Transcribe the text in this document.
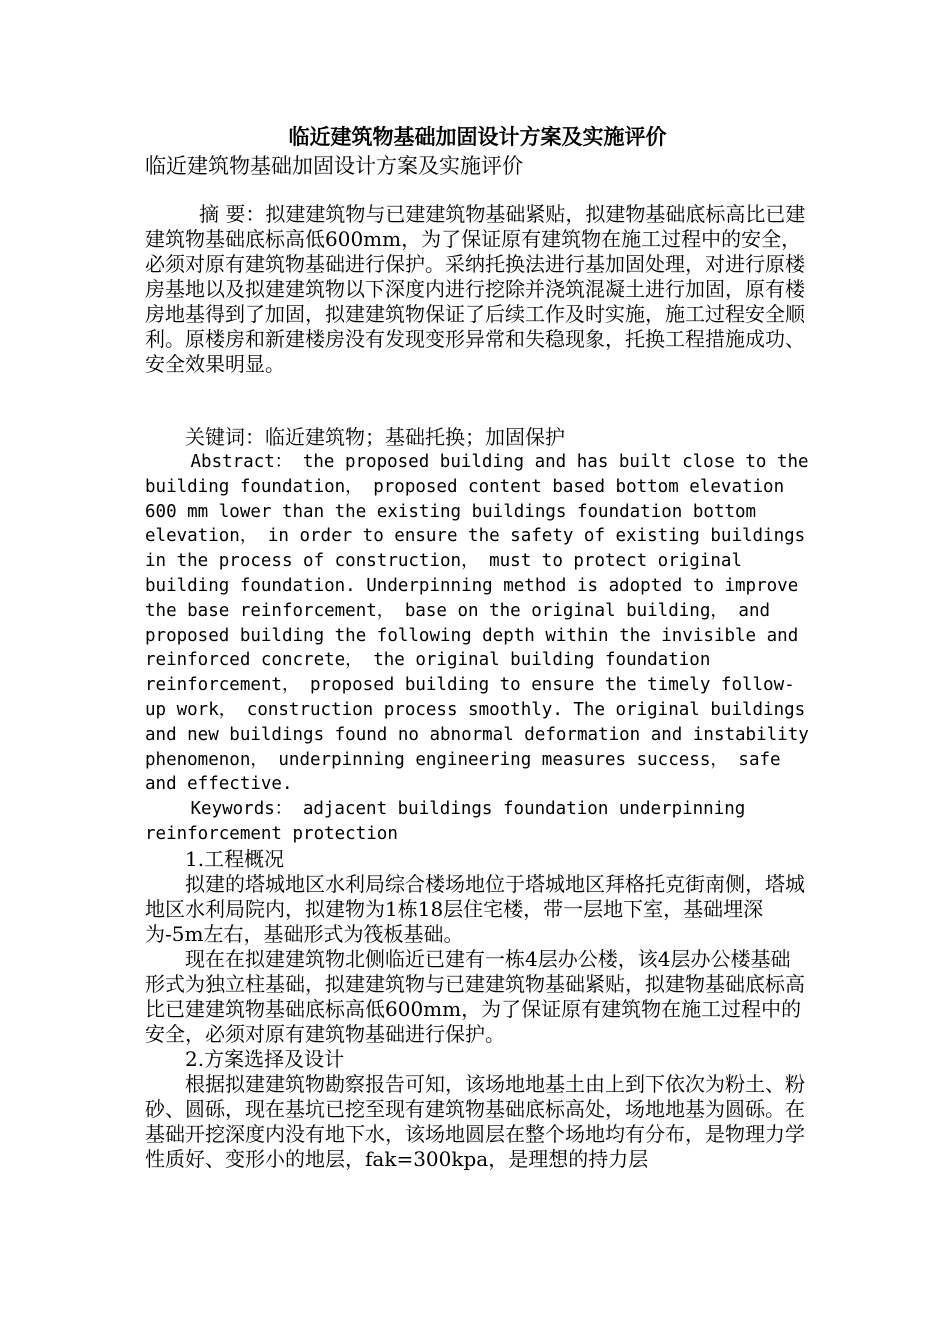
临近建筑物基础加固设计方案及实施评价

临近建筑物基础加固设计方案及实施评价

摘 要：拟建建筑物与已建建筑物基础紧贴，拟建物基础底标高比已建建筑物基础底标高低600mm，为了保证原有建筑物在施工过程中的安全，必须对原有建筑物基础进行保护。采纳托换法进行基加固处理，对进行原楼房基地以及拟建建筑物以下深度内进行挖除并浇筑混凝土进行加固，原有楼房地基得到了加固，拟建建筑物保证了后续工作及时实施，施工过程安全顺利。原楼房和新建楼房没有发现变形异常和失稳现象，托换工程措施成功、安全效果明显。

关键词：临近建筑物；基础托换；加固保护

Abstract： the proposed building and has built close to the building foundation， proposed content based bottom elevation 600 mm lower than the existing buildings foundation bottom elevation， in order to ensure the safety of existing buildings in the process of construction， must to protect original building foundation. Underpinning method is adopted to improve the base reinforcement， base on the original building， and proposed building the following depth within the invisible and reinforced concrete， the original building foundation reinforcement， proposed building to ensure the timely follow-up work， construction process smoothly. The original buildings and new buildings found no abnormal deformation and instability phenomenon， underpinning engineering measures success， safe and effective.

Keywords： adjacent buildings foundation underpinning reinforcement protection

1.工程概况

拟建的塔城地区水利局综合楼场地位于塔城地区拜格托克街南侧，塔城地区水利局院内，拟建物为1栋18层住宅楼，带一层地下室，基础埋深为-5m左右，基础形式为筏板基础。

现在在拟建建筑物北侧临近已建有一栋4层办公楼，该4层办公楼基础形式为独立柱基础，拟建建筑物与已建建筑物基础紧贴，拟建物基础底标高比已建建筑物基础底标高低600mm，为了保证原有建筑物在施工过程中的安全，必须对原有建筑物基础进行保护。

2.方案选择及设计

根据拟建建筑物勘察报告可知，该场地地基土由上到下依次为粉土、粉砂、圆砾，现在基坑已挖至现有建筑物基础底标高处，场地地基为圆砾。在基础开挖深度内没有地下水，该场地圆层在整个场地均有分布，是物理力学性质好、变形小的地层，fak=300kpa，是理想的持力层
